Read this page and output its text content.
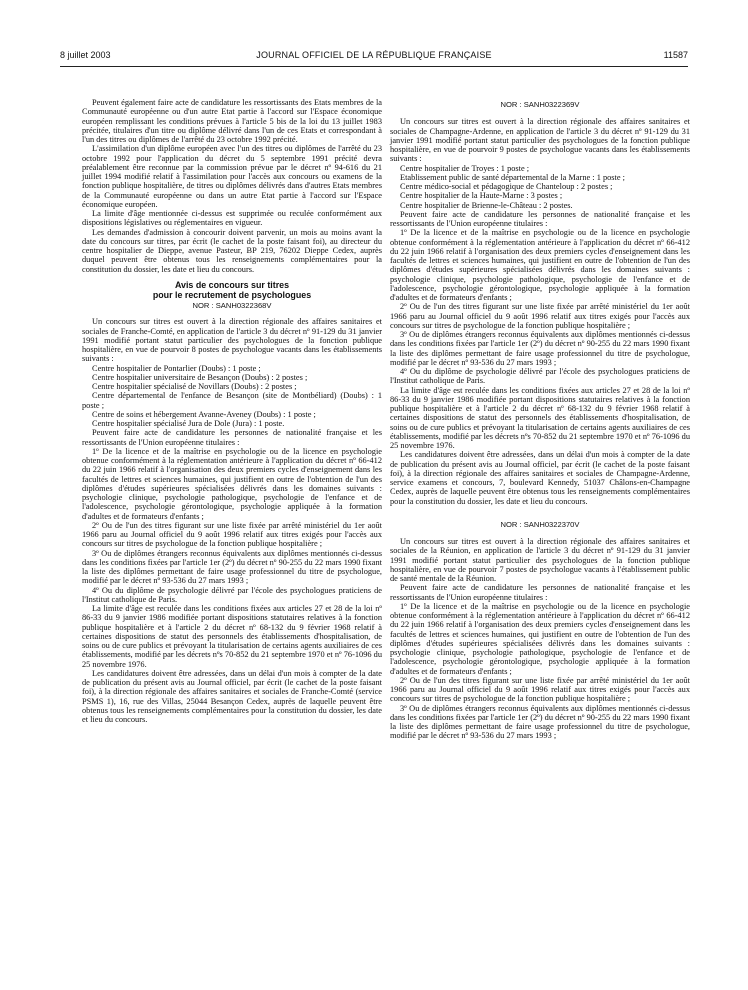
8 juillet 2003	JOURNAL OFFICIEL DE LA RÉPUBLIQUE FRANÇAISE	11587

Peuvent également faire acte de candidature les ressortissants des Etats membres de la Communauté européenne ou d'un autre Etat partie à l'accord sur l'Espace économique européen remplissant les conditions prévues à l'article 5 bis de la loi du 13 juillet 1983 précitée, titulaires d'un titre ou diplôme délivré dans l'un de ces Etats et correspondant à l'un des titres ou diplômes de l'arrêté du 23 octobre 1992 précité.

L'assimilation d'un diplôme européen avec l'un des titres ou diplômes de l'arrêté du 23 octobre 1992 pour l'application du décret du 5 septembre 1991 précité devra préalablement être reconnue par la commission prévue par le décret nº 94-616 du 21 juillet 1994 modifié relatif à l'assimilation pour l'accès aux concours ou examens de la fonction publique hospitalière, de titres ou diplômes délivrés dans d'autres Etats membres de la Communauté européenne ou dans un autre Etat partie à l'accord sur l'Espace économique européen.

La limite d'âge mentionnée ci-dessus est supprimée ou reculée conformément aux dispositions législatives ou réglementaires en vigueur.

Les demandes d'admission à concourir doivent parvenir, un mois au moins avant la date du concours sur titres, par écrit (le cachet de la poste faisant foi), au directeur du centre hospitalier de Dieppe, avenue Pasteur, BP 219, 76202 Dieppe Cedex, auprès duquel peuvent être obtenus tous les renseignements complémentaires pour la constitution du dossier, les date et lieu du concours.

Avis de concours sur titres
pour le recrutement de psychologues
NOR : SANH0322368V

Un concours sur titres est ouvert à la direction régionale des affaires sanitaires et sociales de Franche-Comté, en application de l'article 3 du décret nº 91-129 du 31 janvier 1991 modifié portant statut particulier des psychologues de la fonction publique hospitalière, en vue de pourvoir 8 postes de psychologue vacants dans les établissements suivants :

Centre hospitalier de Pontarlier (Doubs) : 1 poste ;

Centre hospitalier universitaire de Besançon (Doubs) : 2 postes ;

Centre hospitalier spécialisé de Novillars (Doubs) : 2 postes ;

Centre départemental de l'enfance de Besançon (site de Montbéliard) (Doubs) : 1 poste ;

Centre de soins et hébergement Avanne-Aveney (Doubs) : 1 poste ;

Centre hospitalier spécialisé Jura de Dole (Jura) : 1 poste.

Peuvent faire acte de candidature les personnes de nationalité française et les ressortissants de l'Union européenne titulaires :

1º De la licence et de la maîtrise en psychologie ou de la licence en psychologie obtenue conformément à la réglementation antérieure à l'application du décret nº 66-412 du 22 juin 1966 relatif à l'organisation des deux premiers cycles d'enseignement dans les facultés de lettres et sciences humaines, qui justifient en outre de l'obtention de l'un des diplômes d'études supérieures spécialisées délivrés dans les domaines suivants : psychologie clinique, psychologie pathologique, psychologie de l'enfance et de l'adolescence, psychologie gérontologique, psychologie appliquée à la formation d'adultes et de formateurs d'enfants ;

2º Ou de l'un des titres figurant sur une liste fixée par arrêté ministériel du 1er août 1966 paru au Journal officiel du 9 août 1996 relatif aux titres exigés pour l'accès aux concours sur titres de psychologue de la fonction publique hospitalière ;

3º Ou de diplômes étrangers reconnus équivalents aux diplômes mentionnés ci-dessus dans les conditions fixées par l'article 1er (2º) du décret nº 90-255 du 22 mars 1990 fixant la liste des diplômes permettant de faire usage professionnel du titre de psychologue, modifié par le décret nº 93-536 du 27 mars 1993 ;

4º Ou du diplôme de psychologie délivré par l'école des psychologues praticiens de l'Institut catholique de Paris.

La limite d'âge est reculée dans les conditions fixées aux articles 27 et 28 de la loi nº 86-33 du 9 janvier 1986 modifiée portant dispositions statutaires relatives à la fonction publique hospitalière et à l'article 2 du décret nº 68-132 du 9 février 1968 relatif à certaines dispositions de statut des personnels des établissements d'hospitalisation, de soins ou de cure publics et prévoyant la titularisation de certains agents auxiliaires de ces établissements, modifié par les décrets nºs 70-852 du 21 septembre 1970 et nº 76-1096 du 25 novembre 1976.

Les candidatures doivent être adressées, dans un délai d'un mois à compter de la date de publication du présent avis au Journal officiel, par écrit (le cachet de la poste faisant foi), à la direction régionale des affaires sanitaires et sociales de Franche-Comté (service PSMS 1), 16, rue des Villas, 25044 Besançon Cedex, auprès de laquelle peuvent être obtenus tous les renseignements complémentaires pour la constitution du dossier, les date et lieu du concours.

NOR : SANH0322369V

Un concours sur titres est ouvert à la direction régionale des affaires sanitaires et sociales de Champagne-Ardenne, en application de l'article 3 du décret nº 91-129 du 31 janvier 1991 modifié portant statut particulier des psychologues de la fonction publique hospitalière, en vue de pourvoir 9 postes de psychologue vacants dans les établissements suivants :

Centre hospitalier de Troyes : 1 poste ;

Etablissement public de santé départemental de la Marne : 1 poste ;

Centre médico-social et pédagogique de Chanteloup : 2 postes ;

Centre hospitalier de la Haute-Marne : 3 postes ;

Centre hospitalier de Brienne-le-Château : 2 postes.

Peuvent faire acte de candidature les personnes de nationalité française et les ressortissants de l'Union européenne titulaires :

1º De la licence et de la maîtrise en psychologie ou de la licence en psychologie obtenue conformément à la réglementation antérieure à l'application du décret nº 66-412 du 22 juin 1966 relatif à l'organisation des deux premiers cycles d'enseignement dans les facultés de lettres et sciences humaines, qui justifient en outre de l'obtention de l'un des diplômes d'études supérieures spécialisées délivrés dans les domaines suivants : psychologie clinique, psychologie pathologique, psychologie de l'enfance et de l'adolescence, psychologie gérontologique, psychologie appliquée à la formation d'adultes et de formateurs d'enfants ;

2º Ou de l'un des titres figurant sur une liste fixée par arrêté ministériel du 1er août 1966 paru au Journal officiel du 9 août 1996 relatif aux titres exigés pour l'accès aux concours sur titres de psychologue de la fonction publique hospitalière ;

3º Ou de diplômes étrangers reconnus équivalents aux diplômes mentionnés ci-dessus dans les conditions fixées par l'article 1er (2º) du décret nº 90-255 du 22 mars 1990 fixant la liste des diplômes permettant de faire usage professionnel du titre de psychologue, modifié par le décret nº 93-536 du 27 mars 1993 ;

4º Ou du diplôme de psychologie délivré par l'école des psychologues praticiens de l'Institut catholique de Paris.

La limite d'âge est reculée dans les conditions fixées aux articles 27 et 28 de la loi nº 86-33 du 9 janvier 1986 modifiée portant dispositions statutaires relatives à la fonction publique hospitalière et à l'article 2 du décret nº 68-132 du 9 février 1968 relatif à certaines dispositions de statut des personnels des établissements d'hospitalisation, de soins ou de cure publics et prévoyant la titularisation de certains agents auxiliaires de ces établissements, modifié par les décrets nºs 70-852 du 21 septembre 1970 et nº 76-1096 du 25 novembre 1976.

Les candidatures doivent être adressées, dans un délai d'un mois à compter de la date de publication du présent avis au Journal officiel, par écrit (le cachet de la poste faisant foi), à la direction régionale des affaires sanitaires et sociales de Champagne-Ardenne, service examens et concours, 7, boulevard Kennedy, 51037 Châlons-en-Champagne Cedex, auprès de laquelle peuvent être obtenus tous les renseignements complémentaires pour la constitution du dossier, les date et lieu du concours.

NOR : SANH0322370V

Un concours sur titres est ouvert à la direction régionale des affaires sanitaires et sociales de la Réunion, en application de l'article 3 du décret nº 91-129 du 31 janvier 1991 modifié portant statut particulier des psychologues de la fonction publique hospitalière, en vue de pourvoir 7 postes de psychologue vacants à l'établissement public de santé mentale de la Réunion.

Peuvent faire acte de candidature les personnes de nationalité française et les ressortissants de l'Union européenne titulaires :

1º De la licence et de la maîtrise en psychologie ou de la licence en psychologie obtenue conformément à la réglementation antérieure à l'application du décret nº 66-412 du 22 juin 1966 relatif à l'organisation des deux premiers cycles d'enseignement dans les facultés de lettres et sciences humaines, qui justifient en outre de l'obtention de l'un des diplômes d'études supérieures spécialisées délivrés dans les domaines suivants : psychologie clinique, psychologie pathologique, psychologie de l'enfance et de l'adolescence, psychologie gérontologique, psychologie appliquée à la formation d'adultes et de formateurs d'enfants ;

2º Ou de l'un des titres figurant sur une liste fixée par arrêté ministériel du 1er août 1966 paru au Journal officiel du 9 août 1996 relatif aux titres exigés pour l'accès aux concours sur titres de psychologue de la fonction publique hospitalière ;

3º Ou de diplômes étrangers reconnus équivalents aux diplômes mentionnés ci-dessus dans les conditions fixées par l'article 1er (2º) du décret nº 90-255 du 22 mars 1990 fixant la liste des diplômes permettant de faire usage professionnel du titre de psychologue, modifié par le décret nº 93-536 du 27 mars 1993 ;
